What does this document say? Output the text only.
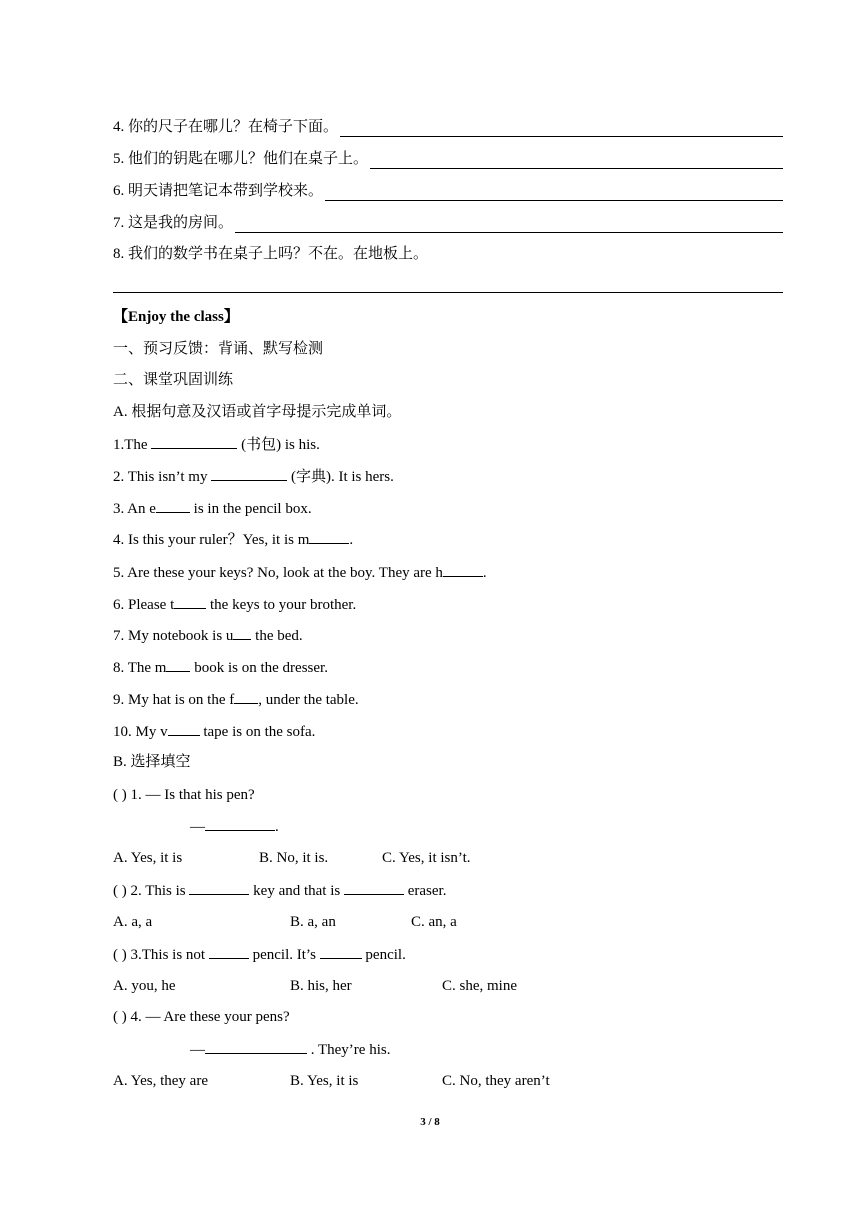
4. 你的尺子在哪儿？在椅子下面。
5. 他们的钥匙在哪儿？他们在桌子上。
6. 明天请把笔记本带到学校来。
7. 这是我的房间。
8. 我们的数学书在桌子上吗？不在。在地板上。
【Enjoy the class】
一、预习反馈：背诵、默写检测
二、课堂巩固训练
A. 根据句意及汉语或首字母提示完成单词。
1.The	(书包) is his.
2. This isn’t my	(字典). It is hers.
3. An e is in the pencil box.
4. Is this your ruler？Yes, it is m	.
5. Are these your keys? No, look at the boy. They are h	.
6. Please t the keys to your brother.
7. My notebook is u the bed.
8. The m book is on the dresser.
9. My hat is on the f , under the table.
10. My v tape is on the sofa.
B. 选择填空
( ) 1. — Is that his pen?
—	.
A. Yes, it is	B. No, it is.	C. Yes, it isn’t.
( ) 2. This is	key and that is	eraser.
A. a, a	B. a, an	C. an, a
( ) 3.This is not	pencil. It’s	pencil.
A. you, he	B. his, her	C. she, mine
( ) 4. — Are these your pens?
—	. They’re his.
A. Yes, they are	B. Yes, it is	C. No, they aren’t
3 / 8
